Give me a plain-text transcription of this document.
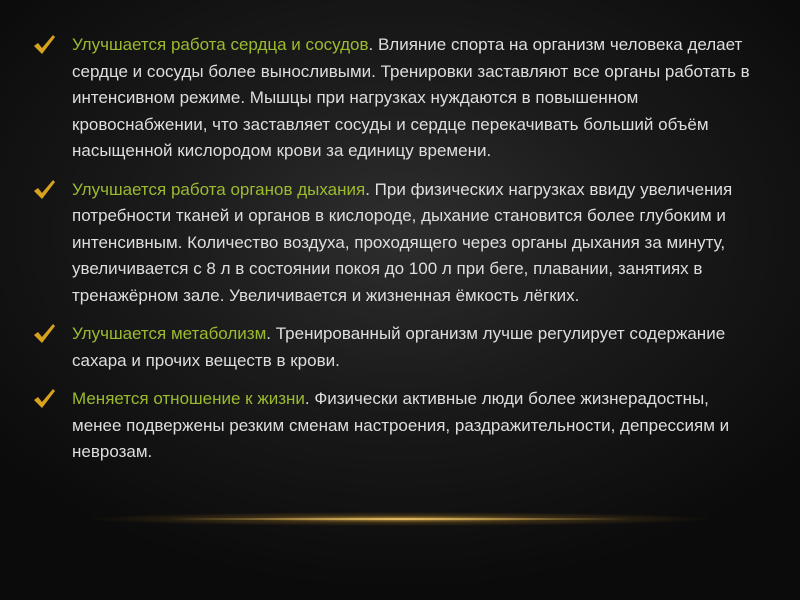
Улучшается работа сердца и сосудов. Влияние спорта на организм человека делает сердце и сосуды более выносливыми. Тренировки заставляют все органы работать в интенсивном режиме. Мышцы при нагрузках нуждаются в повышенном кровоснабжении, что заставляет сосуды и сердце перекачивать больший объём насыщенной кислородом крови за единицу времени.
Улучшается работа органов дыхания. При физических нагрузках ввиду увеличения потребности тканей и органов в кислороде, дыхание становится более глубоким и интенсивным. Количество воздуха, проходящего через органы дыхания за минуту, увеличивается с 8 л в состоянии покоя до 100 л при беге, плавании, занятиях в тренажёрном зале. Увеличивается и жизненная ёмкость лёгких.
Улучшается метаболизм. Тренированный организм лучше регулирует содержание сахара и прочих веществ в крови.
Меняется отношение к жизни. Физически активные люди более жизнерадостны, менее подвержены резким сменам настроения, раздражительности, депрессиям и неврозам.
